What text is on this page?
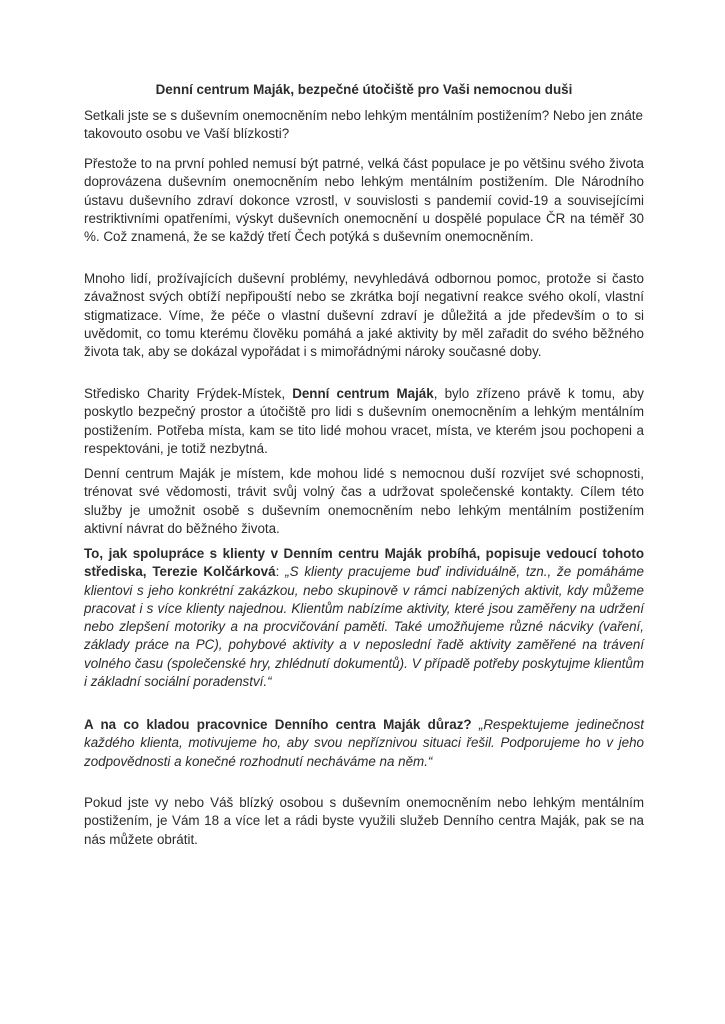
Denní centrum Maják, bezpečné útočiště pro Vaši nemocnou duši

Setkali jste se s duševním onemocněním nebo lehkým mentálním postižením? Nebo jen znáte takovouto osobu ve Vaší blízkosti?

Přestože to na první pohled nemusí být patrné, velká část populace je po většinu svého života doprovázena duševním onemocněním nebo lehkým mentálním postižením. Dle Národního ústavu duševního zdraví dokonce vzrostl, v souvislosti s pandemií covid-19 a souvisejícími restriktivními opatřeními, výskyt duševních onemocnění u dospělé populace ČR na téměř 30 %. Což znamená, že se každý třetí Čech potýká s duševním onemocněním.

Mnoho lidí, prožívajících duševní problémy, nevyhledává odbornou pomoc, protože si často závažnost svých obtíží nepřipouští nebo se zkrátka bojí negativní reakce svého okolí, vlastní stigmatizace. Víme, že péče o vlastní duševní zdraví je důležitá a jde především o to si uvědomit, co tomu kterému člověku pomáhá a jaké aktivity by měl zařadit do svého běžného života tak, aby se dokázal vypořádat i s mimořádnými nároky současné doby.

Středisko Charity Frýdek-Místek, Denní centrum Maják, bylo zřízeno právě k tomu, aby poskytlo bezpečný prostor a útočiště pro lidi s duševním onemocněním a lehkým mentálním postižením. Potřeba místa, kam se tito lidé mohou vracet, místa, ve kterém jsou pochopeni a respektováni, je totiž nezbytná.

Denní centrum Maják je místem, kde mohou lidé s nemocnou duší rozvíjet své schopnosti, trénovat své vědomosti, trávit svůj volný čas a udržovat společenské kontakty. Cílem této služby je umožnit osobě s duševním onemocněním nebo lehkým mentálním postižením aktivní návrat do běžného života.

To, jak spolupráce s klienty v Denním centru Maják probíhá, popisuje vedoucí tohoto střediska, Terezie Kolčárková: „S klienty pracujeme buď individuálně, tzn., že pomáháme klientovi s jeho konkrétní zakázkou, nebo skupinově v rámci nabízených aktivit, kdy můžeme pracovat i s více klienty najednou. Klientům nabízíme aktivity, které jsou zaměřeny na udržení nebo zlepšení motoriky a na procvičování paměti. Také umožňujeme různé nácviky (vaření, základy práce na PC), pohybové aktivity a v neposlední řadě aktivity zaměřené na trávení volného času (společenské hry, zhlédnutí dokumentů). V případě potřeby poskytujme klientům i základní sociální poradenství.“

A na co kladou pracovnice Denního centra Maják důraz? „Respektujeme jedinečnost každého klienta, motivujeme ho, aby svou nepříznivou situaci řešil. Podporujeme ho v jeho zodpovědnosti a konečné rozhodnutí necháváme na něm.“

Pokud jste vy nebo Váš blízký osobou s duševním onemocněním nebo lehkým mentálním postižením, je Vám 18 a více let a rádi byste využili služeb Denního centra Maják, pak se na nás můžete obrátit.
